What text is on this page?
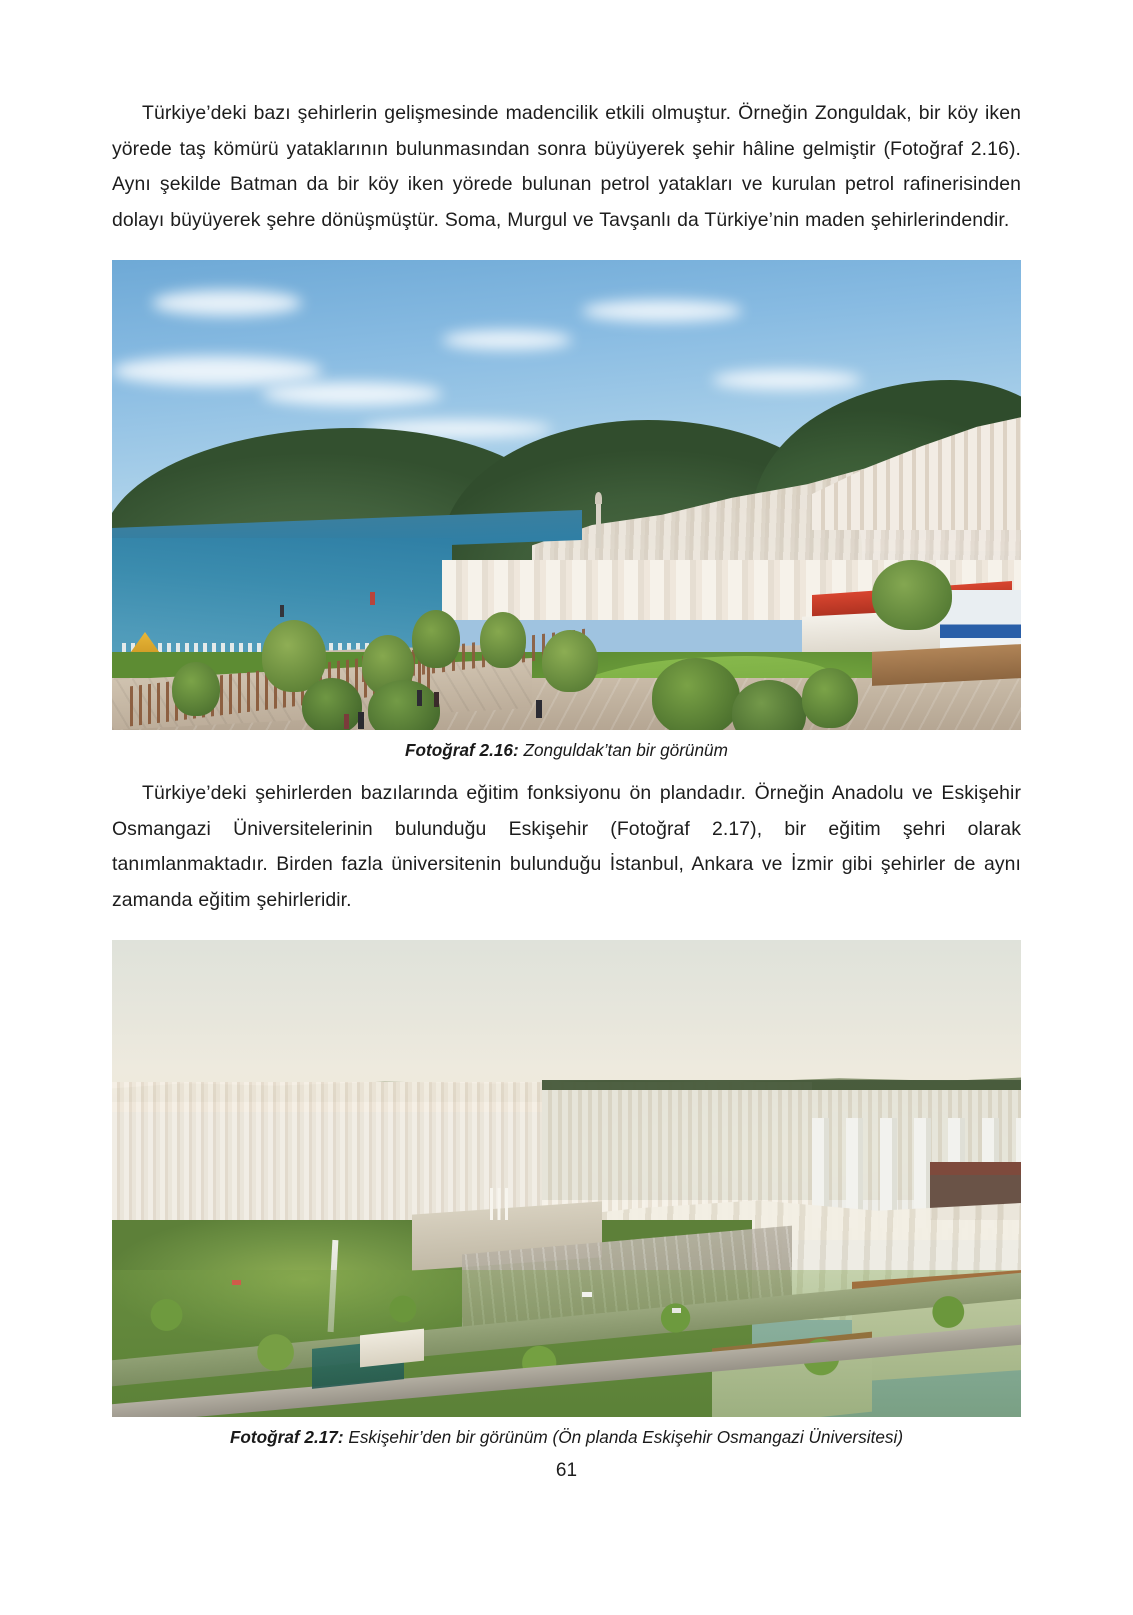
Türkiye’deki bazı şehirlerin gelişmesinde madencilik etkili olmuştur. Örneğin Zonguldak, bir köy iken yörede taş kömürü yataklarının bulunmasından sonra büyüyerek şehir hâline gelmiştir (Fotoğraf 2.16). Aynı şekilde Batman da bir köy iken yörede bulunan petrol yatakları ve kurulan petrol rafinerisinden dolayı büyüyerek şehre dönüşmüştür. Soma, Murgul ve Tavşanlı da Türkiye’nin maden şehirlerindendir.

Fotoğraf 2.16: Zonguldak’tan bir görünüm

Türkiye’deki şehirlerden bazılarında eğitim fonksiyonu ön plandadır. Örneğin Anadolu ve Eskişehir Osmangazi Üniversitelerinin bulunduğu Eskişehir (Fotoğraf 2.17), bir eğitim şehri olarak tanımlanmaktadır. Birden fazla üniversitenin bulunduğu İstanbul, Ankara ve İzmir gibi şehirler de aynı zamanda eğitim şehirleridir.

Fotoğraf 2.17: Eskişehir’den bir görünüm (Ön planda Eskişehir Osmangazi Üniversitesi)

61
